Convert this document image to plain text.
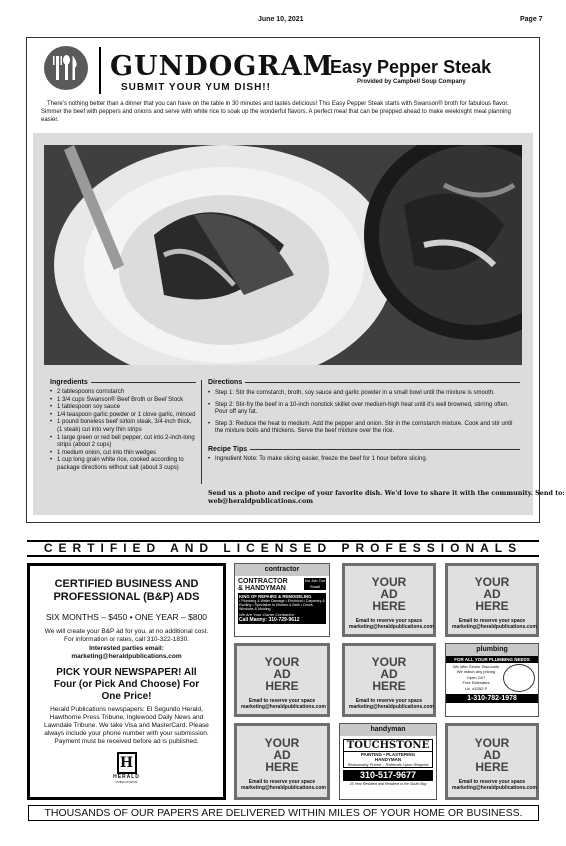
June 10, 2021	Page 7
GUNDOGRAM
SUBMIT YOUR YUM DISH!!
Easy Pepper Steak
Provided by Campbell Soup Company
There's nothing better than a dinner that you can have on the table in 30 minutes and tastes delicious! This Easy Pepper Steak starts with Swanson® broth for fabulous flavor. Simmer the beef with peppers and onions and serve with white rice to soak up the wonderful flavors. A perfect meal that can be prepped ahead to make weeknight meal planning easier.
Ingredients
• 2 tablespoons cornstarch
• 1 3/4 cups Swanson® Beef Broth or Beef Stock
• 1 tablespoon soy sauce
• 1/4 teaspoon garlic powder or 1 clove garlic, minced
• 1 pound boneless beef sirloin steak, 3/4-inch thick, (1 steak) cut into very thin strips
• 1 large green or red bell pepper, cut into 2-inch-long strips (about 2 cups)
• 1 medium onion, cut into thin wedges
• 1 cup long grain white rice, cooked according to package directions without salt (about 3 cups)
Directions
• Step 1: Stir the cornstarch, broth, soy sauce and garlic powder in a small bowl until the mixture is smooth.
• Step 2: Stir-fry the beef in a 10-inch nonstick skillet over medium-high heat until it's well browned, stirring often. Pour off any fat.
• Step 3: Reduce the heat to medium. Add the pepper and onion. Stir in the cornstarch mixture. Cook and stir until the mixture boils and thickens. Serve the beef mixture over the rice.
Recipe Tips
• Ingredient Note: To make slicing easier, freeze the beef for 1 hour before slicing.
Send us a photo and recipe of your favorite dish. We'd love to share it with the community. Send to: web@heraldpublications.com
CERTIFIED AND LICENSED PROFESSIONALS
CERTIFIED BUSINESS AND PROFESSIONAL (B&P) ADS
SIX MONTHS – $450 • ONE YEAR – $800
We will create your B&P ad for you, at no additional cost. For information or rates, call 310-322-1830.
Interested parties email: marketing@heraldpublications.com
PICK YOUR NEWSPAPER! All Four (or Pick And Choose) For One Price!
Herald Publications newspapers: El Segundo Herald, Hawthorne Press Tribune, Inglewood Daily News and Lawndale Tribune. We take Visa and MasterCard. Please always include your phone number with your submission. Payment must be received before ad is published.
H
HERALD
PUBLICATIONS
contractor
CONTRACTOR
& HANDYMAN
No Job Too Small
KING OF REPAIRS & REMODELING
• Plumbing & Water Damage • Electrical • Carpentry & Roofing • Specialize In Kitchen & Bath • Doors, Windows & Molding
We Are Your Owner Contractor
Call Manny: 310-729-9612
YOUR
AD
HERE
Email to reserve your space marketing@heraldpublications.com
YOUR
AD
HERE
Email to reserve your space marketing@heraldpublications.com
YOUR
AD
HERE
Email to reserve your space marketing@heraldpublications.com
YOUR
AD
HERE
Email to reserve your space marketing@heraldpublications.com
plumbing
FOR ALL YOUR PLUMBING NEEDS
We offer Senior Discounts
We match any pricing
Open 24/7
Free Estimates
Lic. #1052 P
1-310-782-1978
YOUR
AD
HERE
Email to reserve your space marketing@heraldpublications.com
handyman
TOUCHSTONE
PAINTING • PLASTERING
HANDYMAN
Reasonably Priced – Referrals Upon Request
310-517-9677
25 Year Resident and Resident in the South Bay
YOUR
AD
HERE
Email to reserve your space marketing@heraldpublications.com
THOUSANDS OF OUR PAPERS ARE DELIVERED WITHIN MILES OF YOUR HOME OR BUSINESS.
